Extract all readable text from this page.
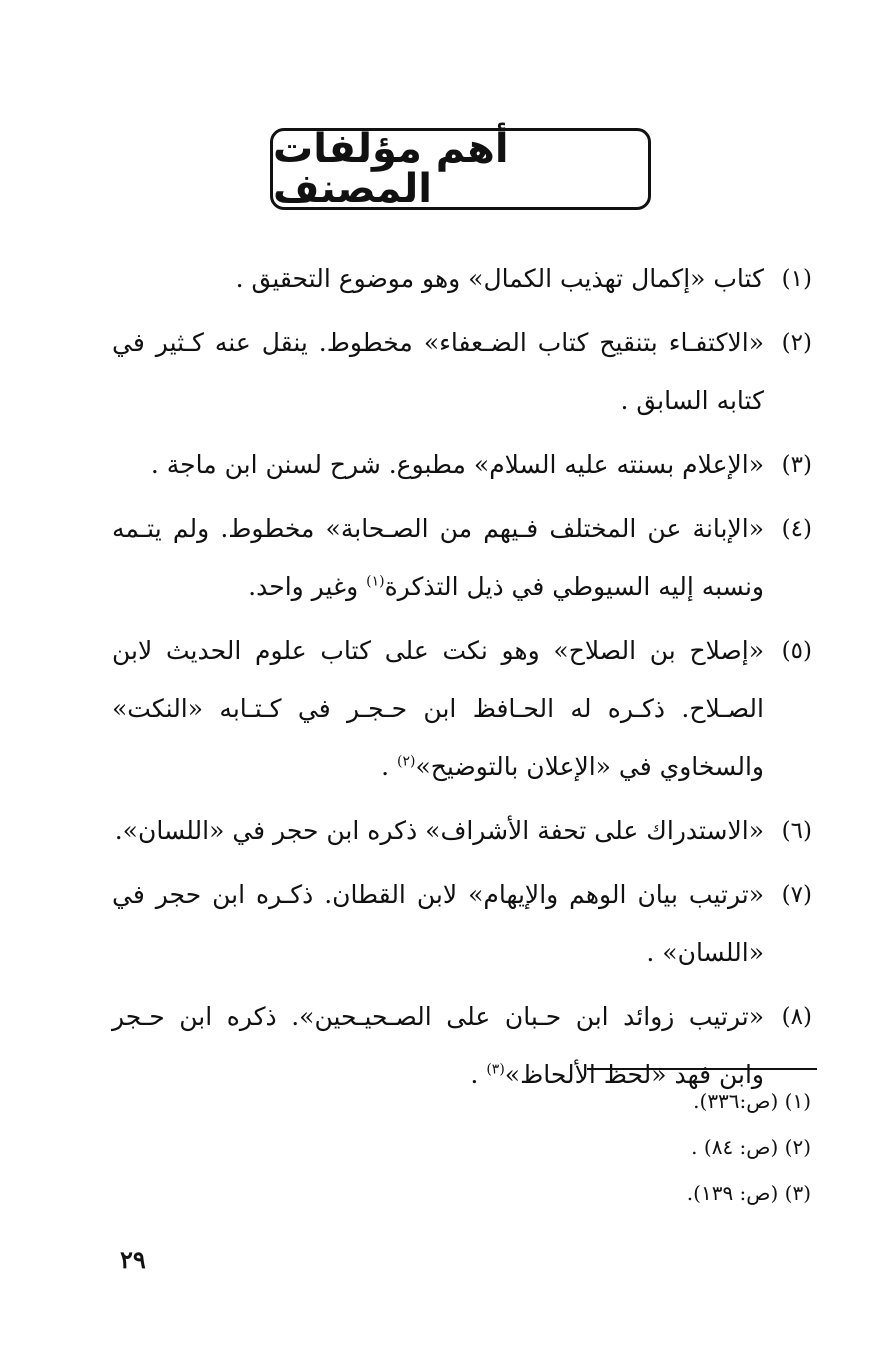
أهم مؤلفات المصنف
(١)
كتاب «إكمال تهذيب الكمال» وهو موضوع التحقيق .
(٢)
«الاكتفـاء بتنقيح كتاب الضـعفاء» مخطوط. ينقل عنه كـثير في
كتابه السابق .
(٣)
«الإعلام بسنته عليه السلام» مطبوع. شرح لسنن ابن ماجة .
(٤)
«الإبانة عن المختلف فـيهم من الصـحابة» مخطوط. ولم يتـمه
ونسبه إليه السيوطي في ذيل التذكرة$^{(١)}$ وغير واحد.
(٥)
«إصلاح بن الصلاح» وهو نكت على كتاب علوم الحديث لابن
الصـلاح. ذكـره له الحـافظ ابن حـجـر في كـتـابه «النكت»
والسخاوي في «الإعلان بالتوضيح»$^{(٢)}$ .
(٦)
«الاستدراك على تحفة الأشراف» ذكره ابن حجر في «اللسان».
(٧)
«ترتيب بيان الوهم والإيهام» لابن القطان. ذكـره ابن حجر في
«اللسان» .
(٨)
«ترتيب زوائد ابن حـبان على الصـحيـحين». ذكره ابن حـجر
وابن فهد «لحظ الألحاظ»$^{(٣)}$ .
(١) (ص:٣٣٦).
(٢) (ص: ٨٤) .
(٣) (ص: ١٣٩).
٢٩
